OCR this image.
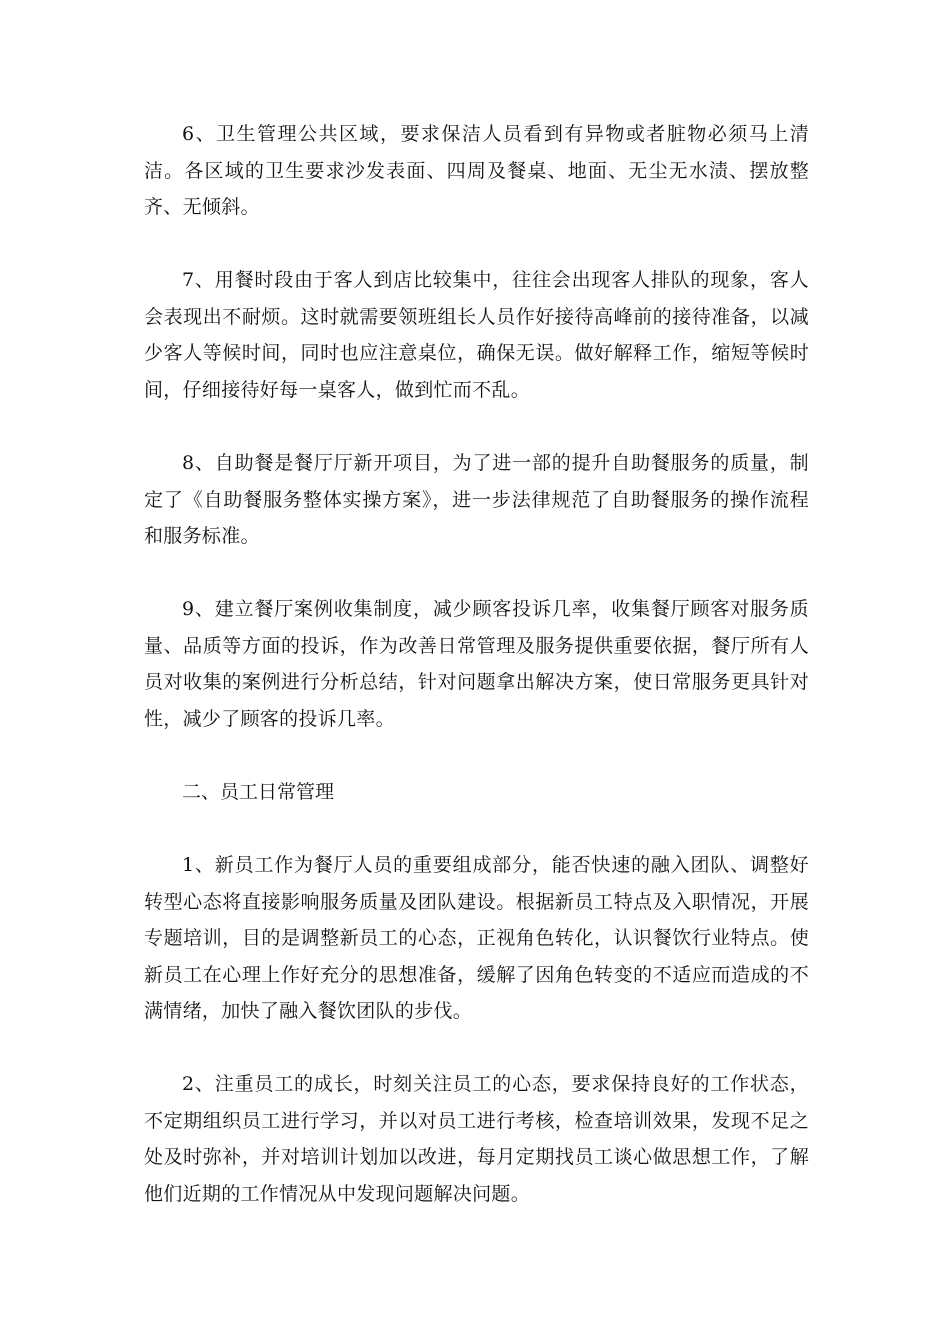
6、卫生管理公共区域，要求保洁人员看到有异物或者脏物必须马上清洁。各区域的卫生要求沙发表面、四周及餐桌、地面、无尘无水渍、摆放整齐、无倾斜。

7、用餐时段由于客人到店比较集中，往往会出现客人排队的现象，客人会表现出不耐烦。这时就需要领班组长人员作好接待高峰前的接待准备，以减少客人等候时间，同时也应注意桌位，确保无误。做好解释工作，缩短等候时间，仔细接待好每一桌客人，做到忙而不乱。

8、自助餐是餐厅厅新开项目，为了进一部的提升自助餐服务的质量，制定了《自助餐服务整体实操方案》，进一步法律规范了自助餐服务的操作流程和服务标准。

9、建立餐厅案例收集制度，减少顾客投诉几率，收集餐厅顾客对服务质量、品质等方面的投诉，作为改善日常管理及服务提供重要依据，餐厅所有人员对收集的案例进行分析总结，针对问题拿出解决方案，使日常服务更具针对性，减少了顾客的投诉几率。

二、员工日常管理

1、新员工作为餐厅人员的重要组成部分，能否快速的融入团队、调整好转型心态将直接影响服务质量及团队建设。根据新员工特点及入职情况，开展专题培训，目的是调整新员工的心态，正视角色转化，认识餐饮行业特点。使新员工在心理上作好充分的思想准备，缓解了因角色转变的不适应而造成的不满情绪，加快了融入餐饮团队的步伐。

2、注重员工的成长，时刻关注员工的心态，要求保持良好的工作状态，不定期组织员工进行学习，并以对员工进行考核，检查培训效果，发现不足之处及时弥补，并对培训计划加以改进，每月定期找员工谈心做思想工作，了解他们近期的工作情况从中发现问题解决问题。
